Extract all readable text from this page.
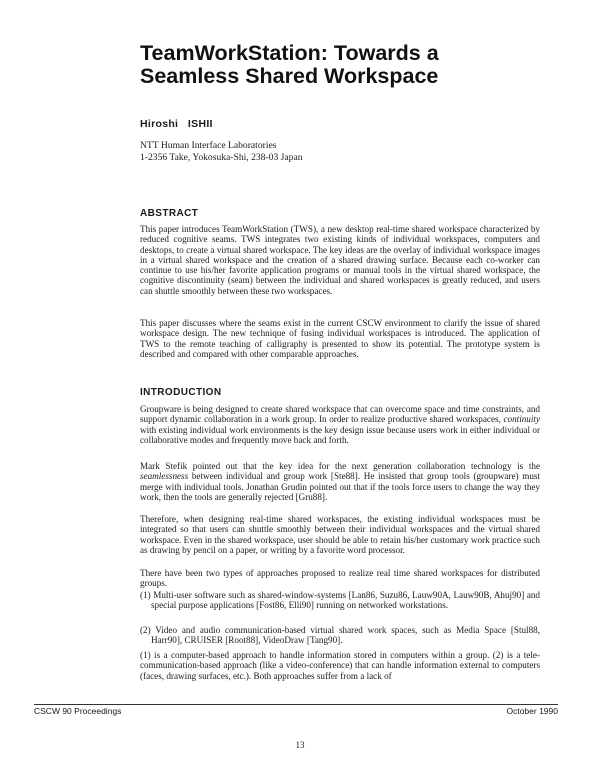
TeamWorkStation: Towards a Seamless Shared Workspace
Hiroshi   ISHII
NTT Human Interface Laboratories
1-2356 Take, Yokosuka-Shi, 238-03 Japan
ABSTRACT
This paper introduces TeamWorkStation (TWS), a new desktop real-time shared workspace characterized by reduced cognitive seams. TWS integrates two existing kinds of individual workspaces, computers and desktops, to create a virtual shared workspace. The key ideas are the overlay of individual workspace images in a virtual shared workspace and the creation of a shared drawing surface. Because each co-worker can continue to use his/her favorite application programs or manual tools in the virtual shared workspace, the cognitive discontinuity (seam) between the individual and shared workspaces is greatly reduced, and users can shuttle smoothly between these two workspaces.
This paper discusses where the seams exist in the current CSCW environment to clarify the issue of shared workspace design. The new technique of fusing individual workspaces is introduced. The application of TWS to the remote teaching of calligraphy is presented to show its potential. The prototype system is described and compared with other comparable approaches.
INTRODUCTION
Groupware is being designed to create shared workspace that can overcome space and time constraints, and support dynamic collaboration in a work group. In order to realize productive shared workspaces, continuity with existing individual work environments is the key design issue because users work in either individual or collaborative modes and frequently move back and forth.
Mark Stefik pointed out that the key idea for the next generation collaboration technology is the seamlessness between individual and group work [Ste88]. He insisted that group tools (groupware) must merge with individual tools. Jonathan Grudin pointed out that if the tools force users to change the way they work, then the tools are generally rejected [Gru88].
Therefore, when designing real-time shared workspaces, the existing individual workspaces must be integrated so that users can shuttle smoothly between their individual workspaces and the virtual shared workspace. Even in the shared workspace, user should be able to retain his/her customary work practice such as drawing by pencil on a paper, or writing by a favorite word processor.
There have been two types of approaches proposed to realize real time shared workspaces for distributed groups.
(1) Multi-user software such as shared-window-systems [Lan86, Suzu86, Lauw90A, Lauw90B, Ahuj90] and special purpose applications [Fost86, Elli90] running on networked workstations.
(2) Video and audio communication-based virtual shared work spaces, such as Media Space [Stul88, Harr90], CRUISER [Root88], VideoDraw [Tang90].
(1) is a computer-based approach to handle information stored in computers within a group. (2) is a tele-communication-based approach (like a video-conference) that can handle information external to computers (faces, drawing surfaces, etc.). Both approaches suffer from a lack of
CSCW 90 Proceedings	October 1990
13
